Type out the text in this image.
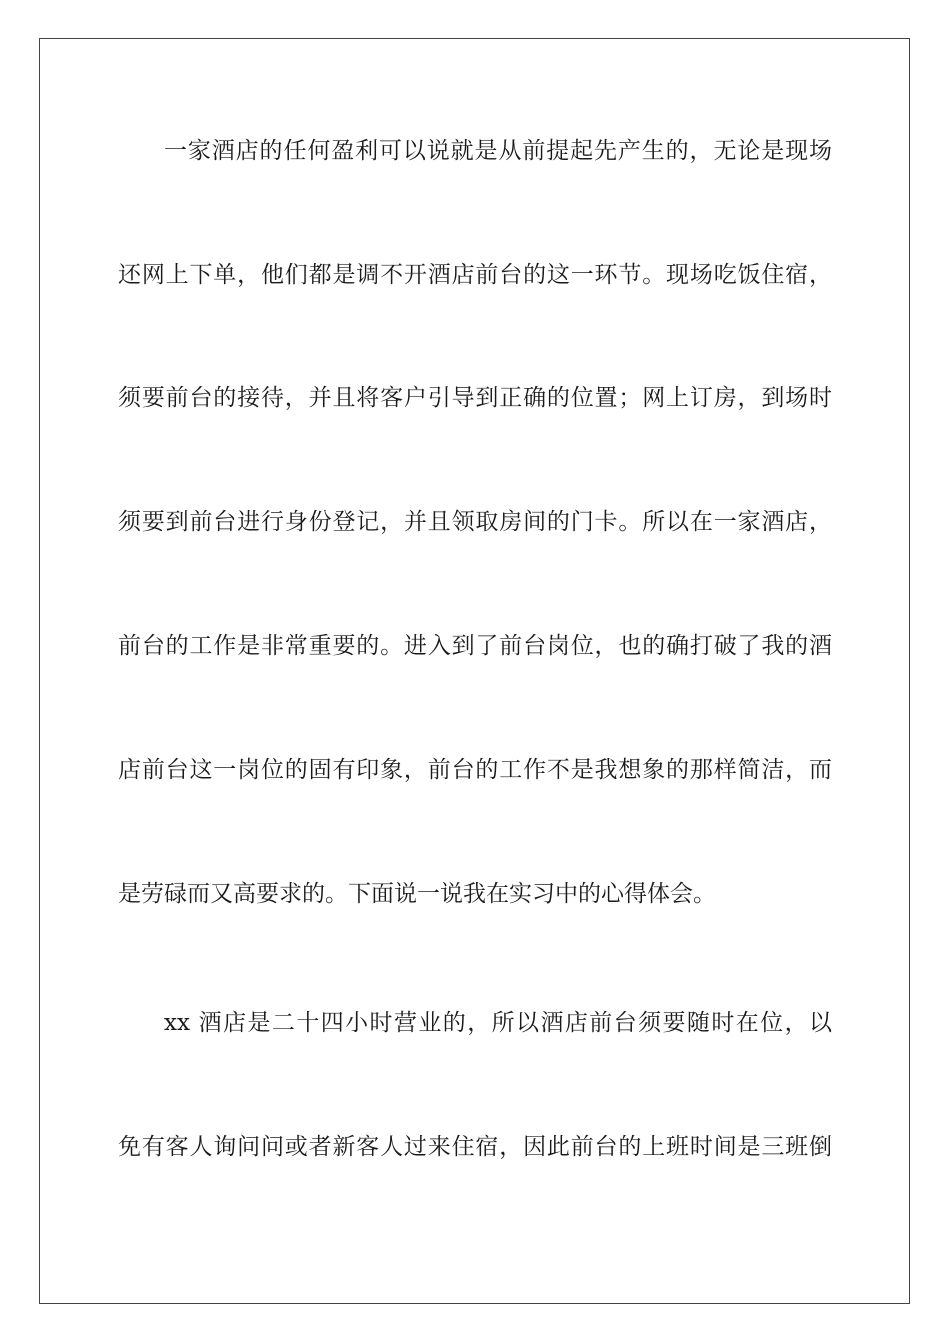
一家酒店的任何盈利可以说就是从前提起先产生的，无论是现场
还网上下单，他们都是调不开酒店前台的这一环节。现场吃饭住宿，
须要前台的接待，并且将客户引导到正确的位置；网上订房，到场时
须要到前台进行身份登记，并且领取房间的门卡。所以在一家酒店，
前台的工作是非常重要的。进入到了前台岗位，也的确打破了我的酒
店前台这一岗位的固有印象，前台的工作不是我想象的那样简洁，而
是劳碌而又高要求的。下面说一说我在实习中的心得体会。
xx 酒店是二十四小时营业的，所以酒店前台须要随时在位，以
免有客人询问问或者新客人过来住宿，因此前台的上班时间是三班倒
